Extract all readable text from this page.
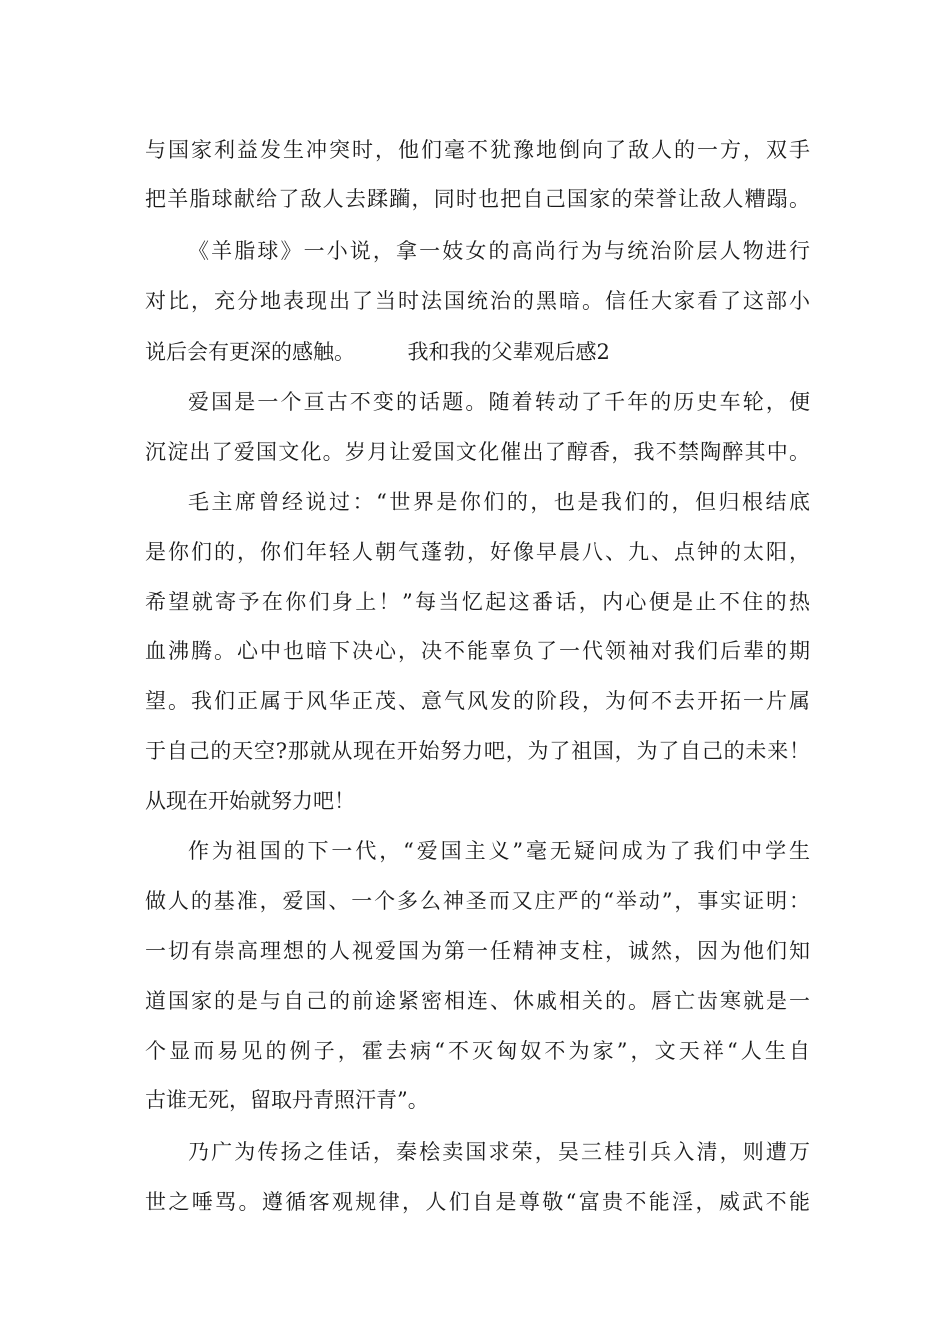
与国家利益发生冲突时，他们毫不犹豫地倒向了敌人的一方，双手
把羊脂球献给了敌人去蹂躏，同时也把自己国家的荣誉让敌人糟蹋。
《羊脂球》一小说，拿一妓女的高尚行为与统治阶层人物进行
对比，充分地表现出了当时法国统治的黑暗。信任大家看了这部小
说后会有更深的感触。　　　我和我的父辈观后感2
爱国是一个亘古不变的话题。随着转动了千年的历史车轮，便
沉淀出了爱国文化。岁月让爱国文化催出了醇香，我不禁陶醉其中。
毛主席曾经说过：“世界是你们的，也是我们的，但归根结底
是你们的，你们年轻人朝气蓬勃，好像早晨八、九、点钟的太阳，
希望就寄予在你们身上！”每当忆起这番话，内心便是止不住的热
血沸腾。心中也暗下决心，决不能辜负了一代领袖对我们后辈的期
望。我们正属于风华正茂、意气风发的阶段，为何不去开拓一片属
于自己的天空?那就从现在开始努力吧，为了祖国，为了自己的未来！
从现在开始就努力吧！
作为祖国的下一代，“爱国主义”毫无疑问成为了我们中学生
做人的基准，爱国、一个多么神圣而又庄严的“举动”，事实证明：
一切有崇高理想的人视爱国为第一任精神支柱，诚然，因为他们知
道国家的是与自己的前途紧密相连、休戚相关的。唇亡齿寒就是一
个显而易见的例子，霍去病“不灭匈奴不为家”，文天祥“人生自
古谁无死，留取丹青照汗青”。
乃广为传扬之佳话，秦桧卖国求荣，吴三桂引兵入清，则遭万
世之唾骂。遵循客观规律，人们自是尊敬“富贵不能淫，威武不能
